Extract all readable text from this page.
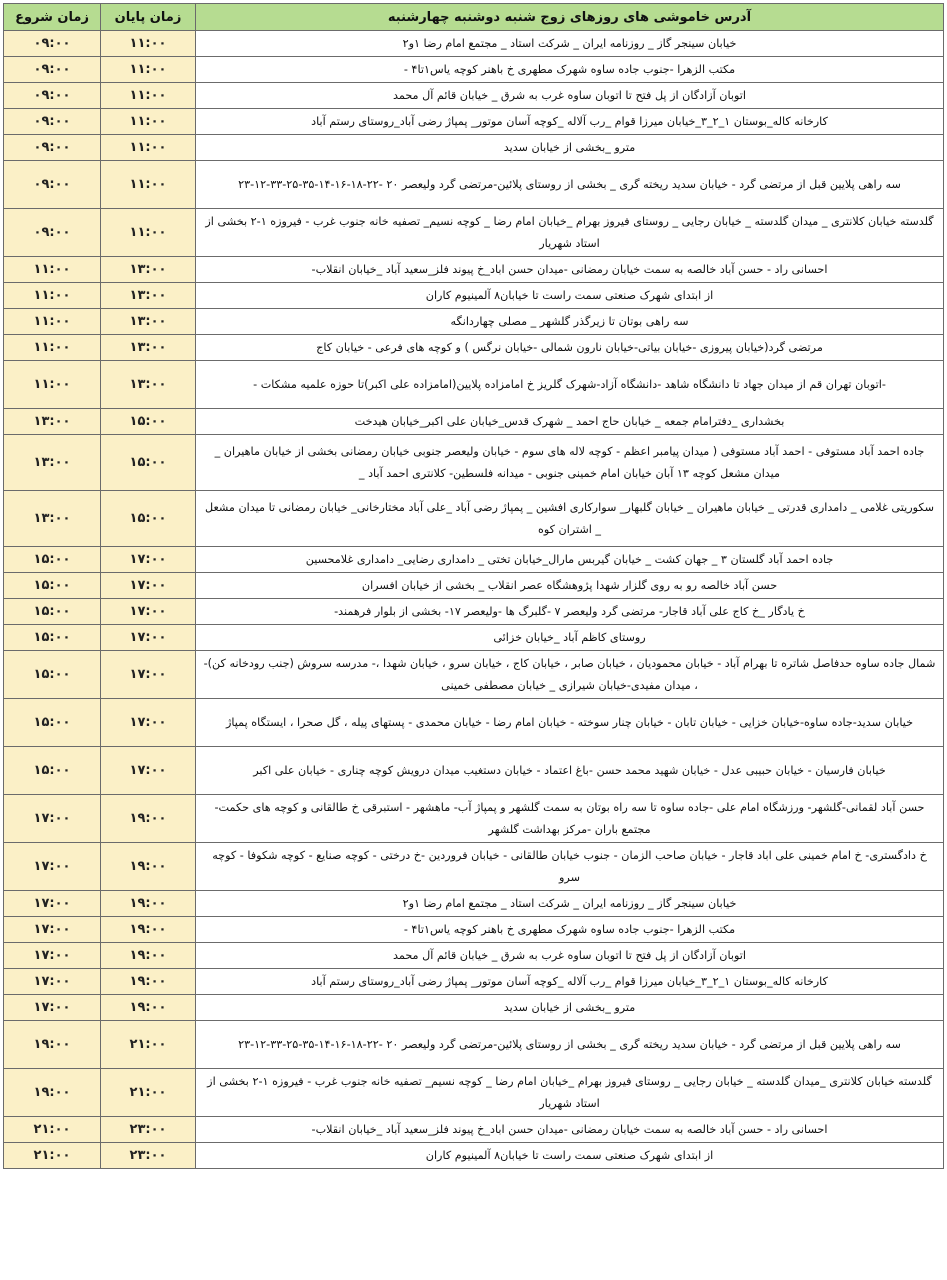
آدرس خاموشی های روزهای زوج شنبه دوشنبه چهارشنبه	زمان پایان	زمان شروع
خیابان سینجر گاز _ روزنامه ایران _ شرکت استاد _ مجتمع امام رضا ۱و۲	۱۱:۰۰	۰۹:۰۰
مکتب الزهرا -جنوب جاده ساوه شهرک مطهری خ باهنر کوچه یاس۱تا۴ -	۱۱:۰۰	۰۹:۰۰
اتوبان آزادگان از پل فتح تا اتوبان ساوه غرب به شرق _ خیابان قائم آل محمد	۱۱:۰۰	۰۹:۰۰
کارخانه کاله_بوستان ۱_۲_۳_خیابان میرزا قوام _رب آلاله _کوچه آسان موتور_ پمپاژ رضی آباد_روستای رستم آباد	۱۱:۰۰	۰۹:۰۰
مترو _بخشی از خیابان سدید	۱۱:۰۰	۰۹:۰۰
سه راهی پلایین قبل از مرتضی گرد - خیابان سدید ریخته گری _ بخشی از روستای پلائین-مرتضی گرد ولیعصر ۲۰ -۲۲-۱۸-۱۶-۱۴-۳۵-۲۵-۳۳-۱۲-۲۳	۱۱:۰۰	۰۹:۰۰
گلدسته خیابان کلانتری _ میدان گلدسته _ خیابان رجایی _ روستای فیروز بهرام _خیابان امام رضا _ کوچه نسیم_ تصفیه خانه جنوب غرب - فیروزه ۱-۲ بخشی از استاد شهریار	۱۱:۰۰	۰۹:۰۰
احسانی راد - حسن آباد خالصه به سمت خیابان رمضانی -میدان حسن اباد_خ پیوند فلز_سعید آباد _خیابان انقلاب-	۱۳:۰۰	۱۱:۰۰
از ابتدای شهرک صنعتی سمت راست تا خیابان۸ آلمینیوم کاران	۱۳:۰۰	۱۱:۰۰
سه راهی بوتان تا زیرگذر گلشهر _ مصلی چهاردانگه	۱۳:۰۰	۱۱:۰۰
مرتضی گرد(خیابان پیروزی -خیابان بیاتی-خیابان نارون شمالی -خیابان نرگس ) و کوچه های فرعی - خیابان کاج	۱۳:۰۰	۱۱:۰۰
-اتوبان تهران قم از میدان جهاد تا دانشگاه شاهد -دانشگاه آزاد-شهرک گلریز خ امامزاده پلایین(امامزاده علی اکبر)تا حوزه علمیه مشکات -	۱۳:۰۰	۱۱:۰۰
بخشداری _دفترامام جمعه _ خیابان حاج احمد _ شهرک قدس_خیابان علی اکبر_خیابان هیدخت	۱۵:۰۰	۱۳:۰۰
جاده احمد آباد مستوفی - احمد آباد مستوفی ( میدان پیامبر اعظم - کوچه لاله های سوم - خیابان ولیعصر جنوبی خیابان رمضانی بخشی از خیابان ماهیران _ میدان مشعل کوچه ۱۳ آبان خیابان امام خمینی جنوبی - میدانه فلسطین- کلانتری احمد آباد _	۱۵:۰۰	۱۳:۰۰
سکوریتی غلامی _ دامداری قدرتی _ خیابان ماهیران _ خیابان گلبهار_ سوارکاری افشین _ پمپاژ رضی آباد _علی آباد مختارخانی_ خیابان رمضانی تا میدان مشعل _ اشتران کوه	۱۵:۰۰	۱۳:۰۰
جاده احمد آباد گلستان ۳ _ جهان کشت _ خیابان گیربس مارال_خیابان تختی _ دامداری رضایی_ دامداری غلامحسین	۱۷:۰۰	۱۵:۰۰
حسن آباد خالصه رو به روی گلزار شهدا پژوهشگاه عصر انقلاب _ بخشی از خیابان افسران	۱۷:۰۰	۱۵:۰۰
خ یادگار _خ کاج علی آباد قاجار- مرتضی گرد ولیعصر ۷ -گلبرگ ها -ولیعصر ۱۷- بخشی از بلوار فرهمند-	۱۷:۰۰	۱۵:۰۰
روستای کاظم آباد _خیابان خزائی	۱۷:۰۰	۱۵:۰۰
شمال جاده ساوه حدفاصل شاتره تا بهرام آباد - خیابان محمودیان ، خیابان صابر ، خیابان کاج ، خیابان سرو ، خیابان شهدا ،- مدرسه سروش (جنب رودخانه کن)- ، میدان مفیدی-خیابان شیرازی _ خیابان مصطفی خمینی	۱۷:۰۰	۱۵:۰۰
خیابان سدید-جاده ساوه-خیابان خزایی - خیابان تابان - خیابان چنار سوخته - خیابان امام رضا - خیابان محمدی - پستهای پیله ، گل صحرا ، ایستگاه پمپاژ	۱۷:۰۰	۱۵:۰۰
خیابان فارسیان - خیابان حبیبی عدل - خیابان شهید محمد حسن -باغ اعتماد - خیابان دستغیب میدان درویش کوچه چناری - خیابان علی اکبر	۱۷:۰۰	۱۵:۰۰
حسن آباد لقمانی-گلشهر- ورزشگاه امام علی -جاده ساوه تا سه راه بوتان به سمت گلشهر و پمپاژ آب- ماهشهر - استبرقی خ طالقانی و کوچه های حکمت-مجتمع باران -مرکز بهداشت گلشهر	۱۹:۰۰	۱۷:۰۰
خ دادگستری- خ امام خمینی علی اباد قاجار - خیابان صاحب الزمان - جنوب خیابان طالقانی - خیابان فروردین -خ درختی - کوچه صنایع - کوچه شکوفا - کوچه سرو	۱۹:۰۰	۱۷:۰۰
خیابان سینجر گاز _ روزنامه ایران _ شرکت استاد _ مجتمع امام رضا ۱و۲	۱۹:۰۰	۱۷:۰۰
مکتب الزهرا -جنوب جاده ساوه شهرک مطهری خ باهنر کوچه یاس۱تا۴ -	۱۹:۰۰	۱۷:۰۰
اتوبان آزادگان از پل فتح تا اتوبان ساوه غرب به شرق _ خیابان قائم آل محمد	۱۹:۰۰	۱۷:۰۰
کارخانه کاله_بوستان ۱_۲_۳_خیابان میرزا قوام _رب آلاله _کوچه آسان موتور_ پمپاژ رضی آباد_روستای رستم آباد	۱۹:۰۰	۱۷:۰۰
مترو _بخشی از خیابان سدید	۱۹:۰۰	۱۷:۰۰
سه راهی پلایین قبل از مرتضی گرد - خیابان سدید ریخته گری _ بخشی از روستای پلائین-مرتضی گرد ولیعصر ۲۰ -۲۲-۱۸-۱۶-۱۴-۳۵-۲۵-۳۳-۱۲-۲۳	۲۱:۰۰	۱۹:۰۰
گلدسته خیابان کلانتری _میدان گلدسته _ خیابان رجایی _ روستای فیروز بهرام _خیابان امام رضا _ کوچه نسیم_ تصفیه خانه جنوب غرب - فیروزه ۱-۲ بخشی از استاد شهریار	۲۱:۰۰	۱۹:۰۰
احسانی راد - حسن آباد خالصه به سمت خیابان رمضانی -میدان حسن اباد_خ پیوند فلز_سعید آباد _خیابان انقلاب-	۲۳:۰۰	۲۱:۰۰
از ابتدای شهرک صنعتی سمت راست تا خیابان۸ آلمینیوم کاران	۲۳:۰۰	۲۱:۰۰
